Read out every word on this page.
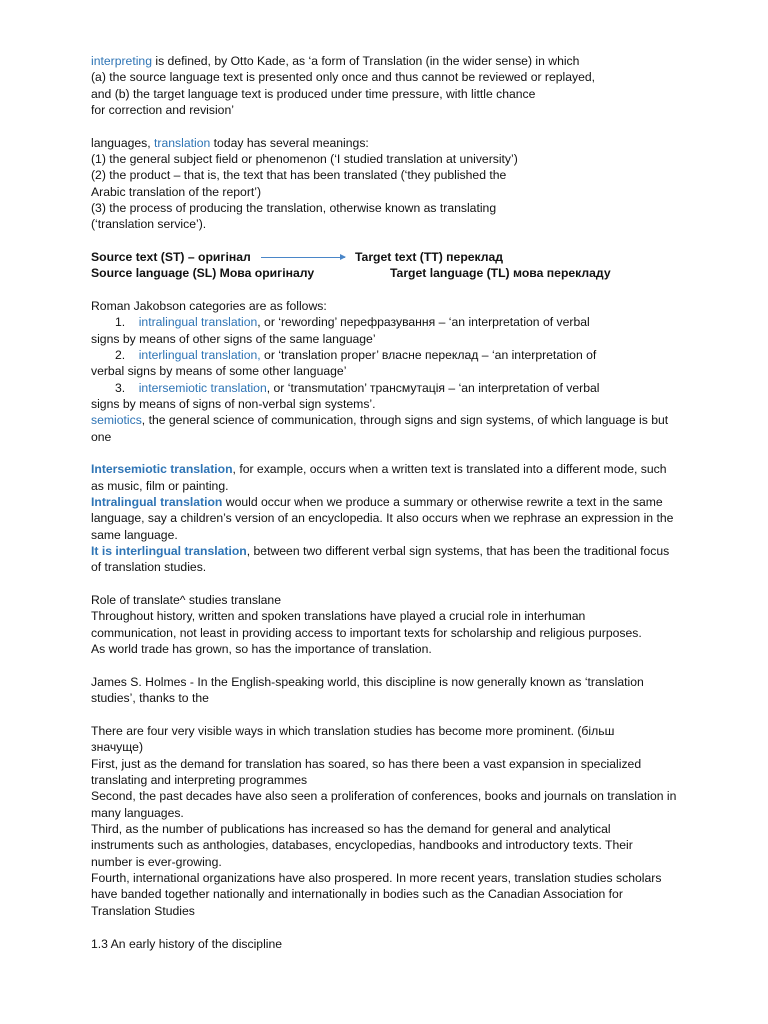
interpreting is defined, by Otto Kade, as ‘a form of Translation (in the wider sense) in which
(a) the source language text is presented only once and thus cannot be reviewed or replayed,
and (b) the target language text is produced under time pressure, with little chance
for correction and revision’
languages, translation today has several meanings:
(1) the general subject field or phenomenon (‘I studied translation at university’)
(2) the product – that is, the text that has been translated (‘they published the
Arabic translation of the report’)
(3) the process of producing the translation, otherwise known as translating
(‘translation service’).
Source text (ST) – оригінал	Target text (TT) переклад
Source language (SL) Мова оригіналу	Target language (TL) мова перекладу
Roman Jakobson categories are as follows:
1. intralingual translation, or ‘rewording’ перефразування – ‘an interpretation of verbal
signs by means of other signs of the same language’
2. interlingual translation, or ‘translation proper’ власне переклад – ‘an interpretation of
verbal signs by means of some other language’
3. intersemiotic translation, or ‘transmutation’ трансмутація – ‘an interpretation of verbal
signs by means of signs of non-verbal sign systems’.
semiotics, the general science of communication, through signs and sign systems, of which language is but
one
Intersemiotic translation, for example, occurs when a written text is translated into a different mode, such
as music, film or painting.
Intralingual translation would occur when we produce a summary or otherwise rewrite a text in the same
language, say a children’s version of an encyclopedia. It also occurs when we rephrase an expression in the
same language.
It is interlingual translation, between two different verbal sign systems, that has been the traditional focus
of translation studies.
Role of translate^ studies translane
Throughout history, written and spoken translations have played a crucial role in interhuman
communication, not least in providing access to important texts for scholarship and religious purposes.
As world trade has grown, so has the importance of translation.
James S. Holmes - In the English-speaking world, this discipline is now generally known as ‘translation
studies’, thanks to the
There are four very visible ways in which translation studies has become more prominent. (більш
значуще)
First, just as the demand for translation has soared, so has there been a vast expansion in specialized
translating and interpreting programmes
Second, the past decades have also seen a proliferation of conferences, books and journals on translation in
many languages.
Third, as the number of publications has increased so has the demand for general and analytical
instruments such as anthologies, databases, encyclopedias, handbooks and introductory texts. Their
number is ever-growing.
Fourth, international organizations have also prospered. In more recent years, translation studies scholars
have banded together nationally and internationally in bodies such as the Canadian Association for
Translation Studies
1.3 An early history of the discipline
